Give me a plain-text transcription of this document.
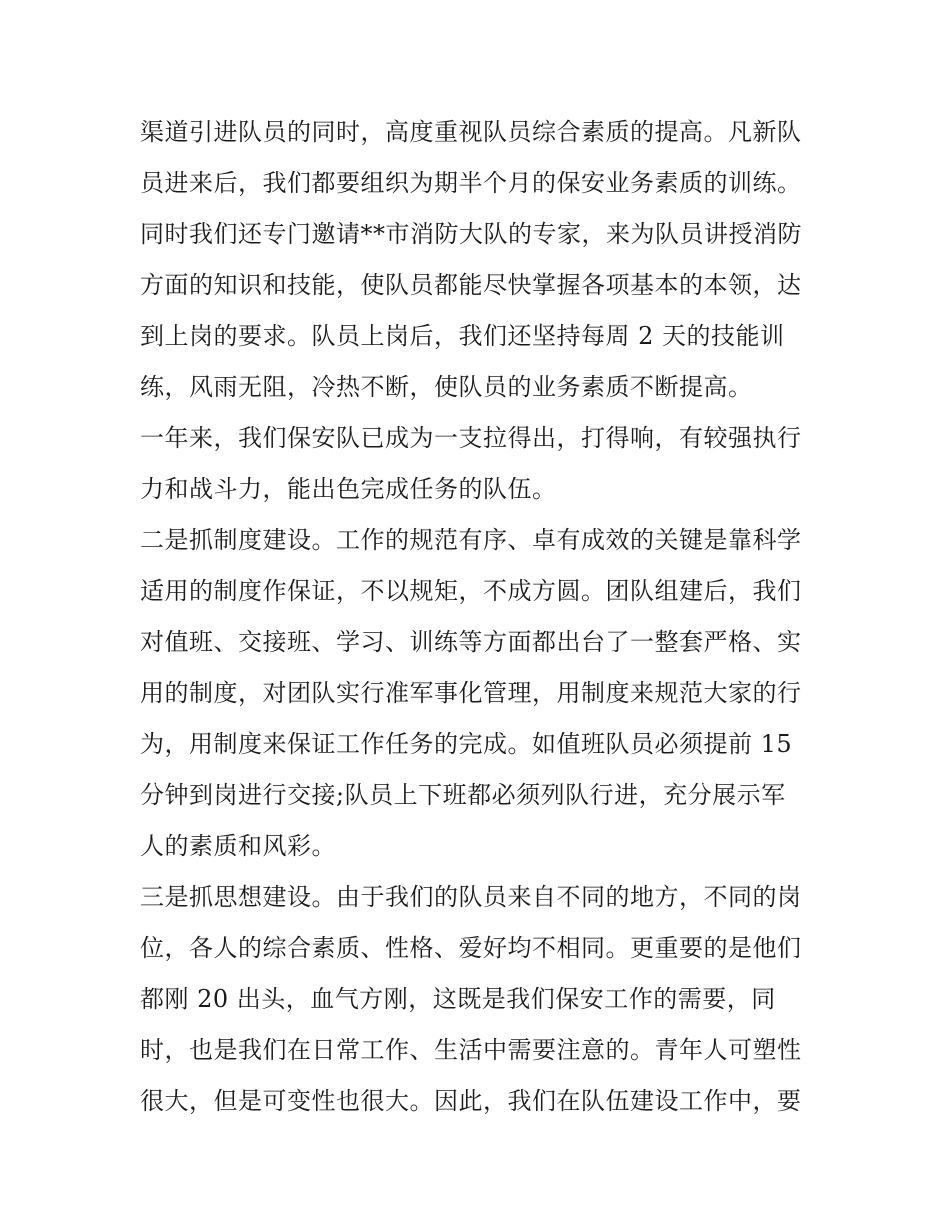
渠道引进队员的同时，高度重视队员综合素质的提高。凡新队
员进来后，我们都要组织为期半个月的保安业务素质的训练。
同时我们还专门邀请**市消防大队的专家，来为队员讲授消防
方面的知识和技能，使队员都能尽快掌握各项基本的本领，达
到上岗的要求。队员上岗后，我们还坚持每周 2 天的技能训
练，风雨无阻，冷热不断，使队员的业务素质不断提高。
一年来，我们保安队已成为一支拉得出，打得响，有较强执行
力和战斗力，能出色完成任务的队伍。
二是抓制度建设。工作的规范有序、卓有成效的关键是靠科学
适用的制度作保证，不以规矩，不成方圆。团队组建后，我们
对值班、交接班、学习、训练等方面都出台了一整套严格、实
用的制度，对团队实行准军事化管理，用制度来规范大家的行
为，用制度来保证工作任务的完成。如值班队员必须提前 15
分钟到岗进行交接;队员上下班都必须列队行进，充分展示军
人的素质和风彩。
三是抓思想建设。由于我们的队员来自不同的地方，不同的岗
位，各人的综合素质、性格、爱好均不相同。更重要的是他们
都刚 20 出头，血气方刚，这既是我们保安工作的需要，同
时，也是我们在日常工作、生活中需要注意的。青年人可塑性
很大，但是可变性也很大。因此，我们在队伍建设工作中，要
